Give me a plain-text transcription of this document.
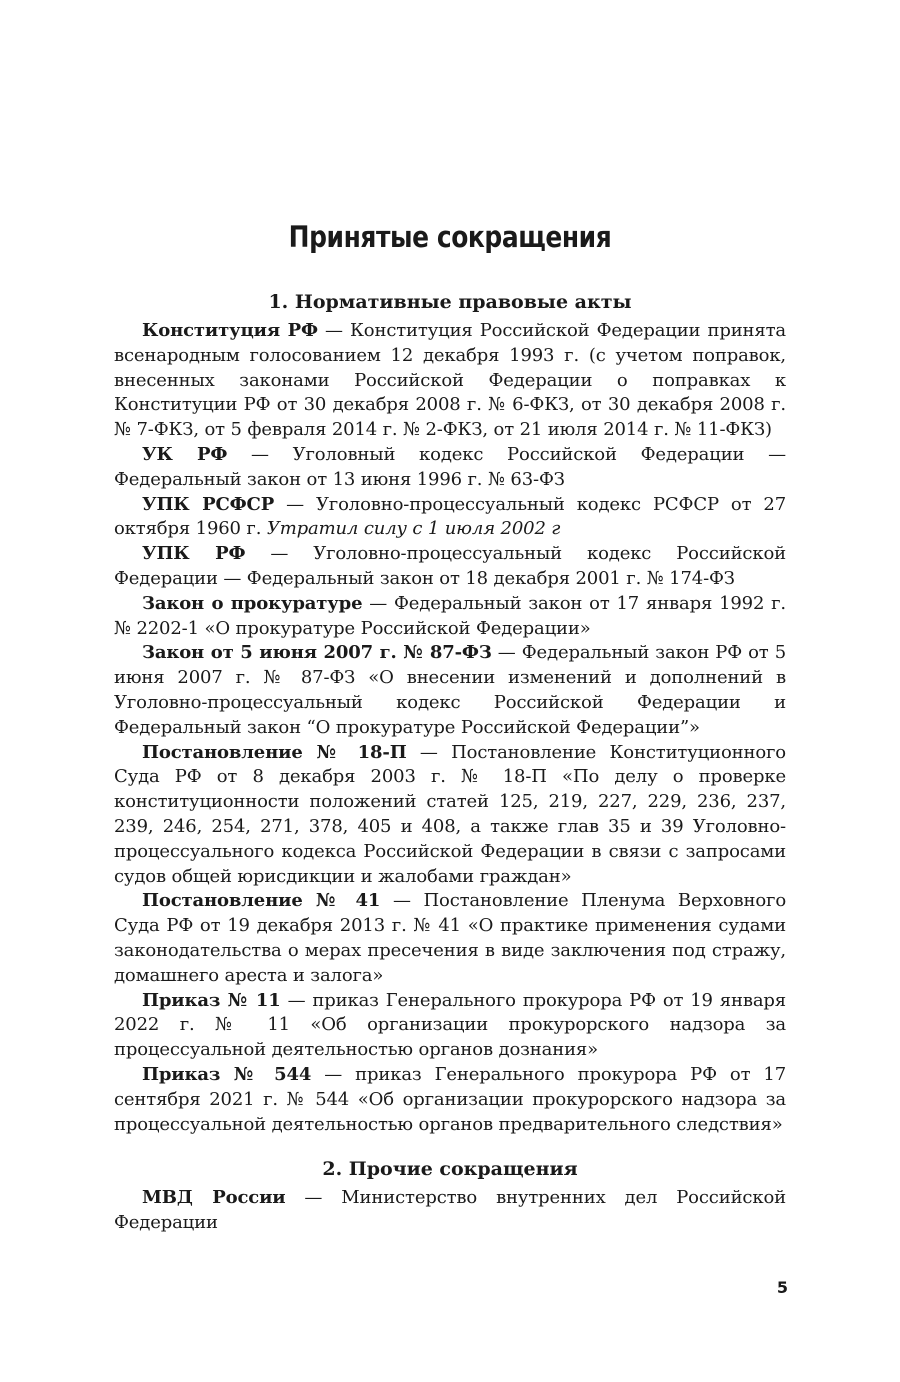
Принятые сокращения
1. Нормативные правовые акты

Конституция РФ — Конституция Российской Федерации принята всенародным голосованием 12 декабря 1993 г. (с учетом поправок, внесенных законами Российской Федерации о поправках к Конституции РФ от 30 декабря 2008 г. № 6-ФКЗ, от 30 декабря 2008 г. № 7-ФКЗ, от 5 февраля 2014 г. № 2-ФКЗ, от 21 июля 2014 г. № 11-ФКЗ)

УК РФ — Уголовный кодекс Российской Федерации — Федеральный закон от 13 июня 1996 г. № 63-ФЗ

УПК РСФСР — Уголовно-процессуальный кодекс РСФСР от 27 октября 1960 г. Утратил силу с 1 июля 2002 г

УПК РФ — Уголовно-процессуальный кодекс Российской Федерации — Федеральный закон от 18 декабря 2001 г. № 174-ФЗ

Закон о прокуратуре — Федеральный закон от 17 января 1992 г. № 2202-1 «О прокуратуре Российской Федерации»

Закон от 5 июня 2007 г. № 87-ФЗ — Федеральный закон РФ от 5 июня 2007 г. № 87-ФЗ «О внесении изменений и дополнений в Уголовно-процессуальный кодекс Российской Федерации и Федеральный закон “О прокуратуре Российской Федерации”»

Постановление № 18-П — Постановление Конституционного Суда РФ от 8 декабря 2003 г. № 18-П «По делу о проверке конституционности положений статей 125, 219, 227, 229, 236, 237, 239, 246, 254, 271, 378, 405 и 408, а также глав 35 и 39 Уголовно-процессуального кодекса Российской Федерации в связи с запросами судов общей юрисдикции и жалобами граждан»

Постановление № 41 — Постановление Пленума Верховного Суда РФ от 19 декабря 2013 г. № 41 «О практике применения судами законодательства о мерах пресечения в виде заключения под стражу, домашнего ареста и залога»

Приказ № 11 — приказ Генерального прокурора РФ от 19 января 2022 г. № 11 «Об организации прокурорского надзора за процессуальной деятельностью органов дознания»

Приказ № 544 — приказ Генерального прокурора РФ от 17 сентября 2021 г. № 544 «Об организации прокурорского надзора за процессуальной деятельностью органов предварительного следствия»

2. Прочие сокращения

МВД России — Министерство внутренних дел Российской Федерации

5
